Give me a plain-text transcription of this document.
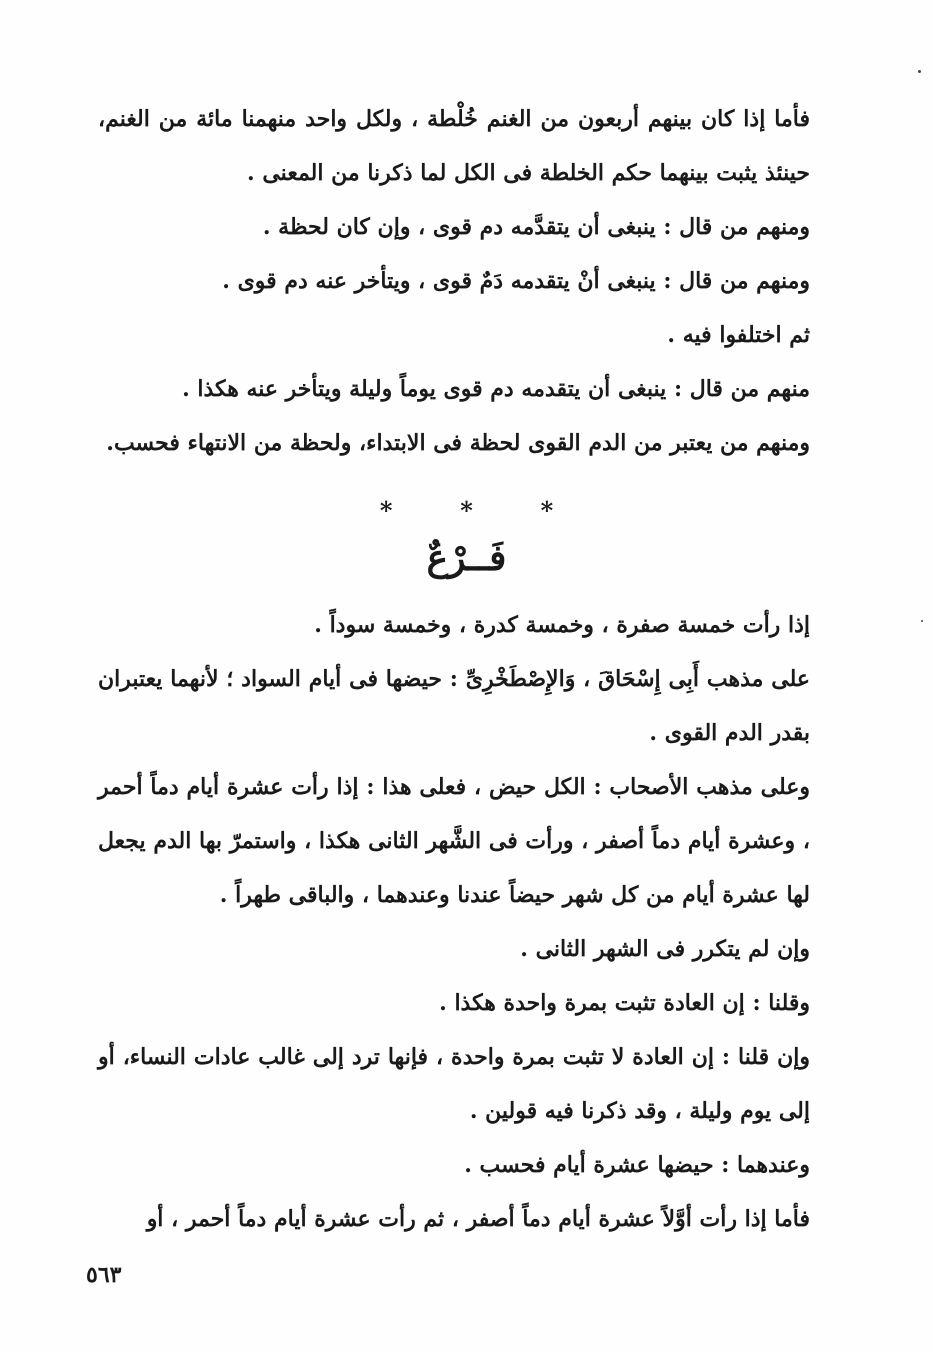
فأما إذا كان بينهم أربعون من الغنم خُلْطة ، ولكل واحد منهمنا مائة من الغنم، حينئذ يثبت بينهما حكم الخلطة فى الكل لما ذكرنا من المعنى .

ومنهم من قال : ينبغى أن يتقدَّمه دم قوى ، وإن كان لحظة .

ومنهم من قال : ينبغى أنْ يتقدمه دَمٌ قوى ، ويتأخر عنه دم قوى .

ثم اختلفوا فيه .

منهم من قال : ينبغى أن يتقدمه دم قوى يوماً وليلة ويتأخر عنه هكذا .

ومنهم من يعتبر من الدم القوى لحظة فى الابتداء، ولحظة من الانتهاء فحسب.

*	*	*
فَــرْعٌ

إذا رأت خمسة صفرة ، وخمسة كدرة ، وخمسة سوداً .

على مذهب أَبِى إِسْحَاقَ ، وَالإِصْطَخْرِىِّ : حيضها فى أيام السواد ؛ لأنهما يعتبران بقدر الدم القوى .

وعلى مذهب الأصحاب : الكل حيض ، فعلى هذا : إذا رأت عشرة أيام دماً أحمر ، وعشرة أيام دماً أصفر ، ورأت فى الشَّهر الثانى هكذا ، واستمرّ بها الدم يجعل لها عشرة أيام من كل شهر حيضاً عندنا وعندهما ، والباقى طهراً .

وإن لم يتكرر فى الشهر الثانى .

وقلنا : إن العادة تثبت بمرة واحدة هكذا .

وإن قلنا : إن العادة لا تثبت بمرة واحدة ، فإنها ترد إلى غالب عادات النساء، أو إلى يوم وليلة ، وقد ذكرنا فيه قولين .

وعندهما : حيضها عشرة أيام فحسب .

فأما إذا رأت أوَّلاً عشرة أيام دماً أصفر ، ثم رأت عشرة أيام دماً أحمر ، أو

٥٦٣
